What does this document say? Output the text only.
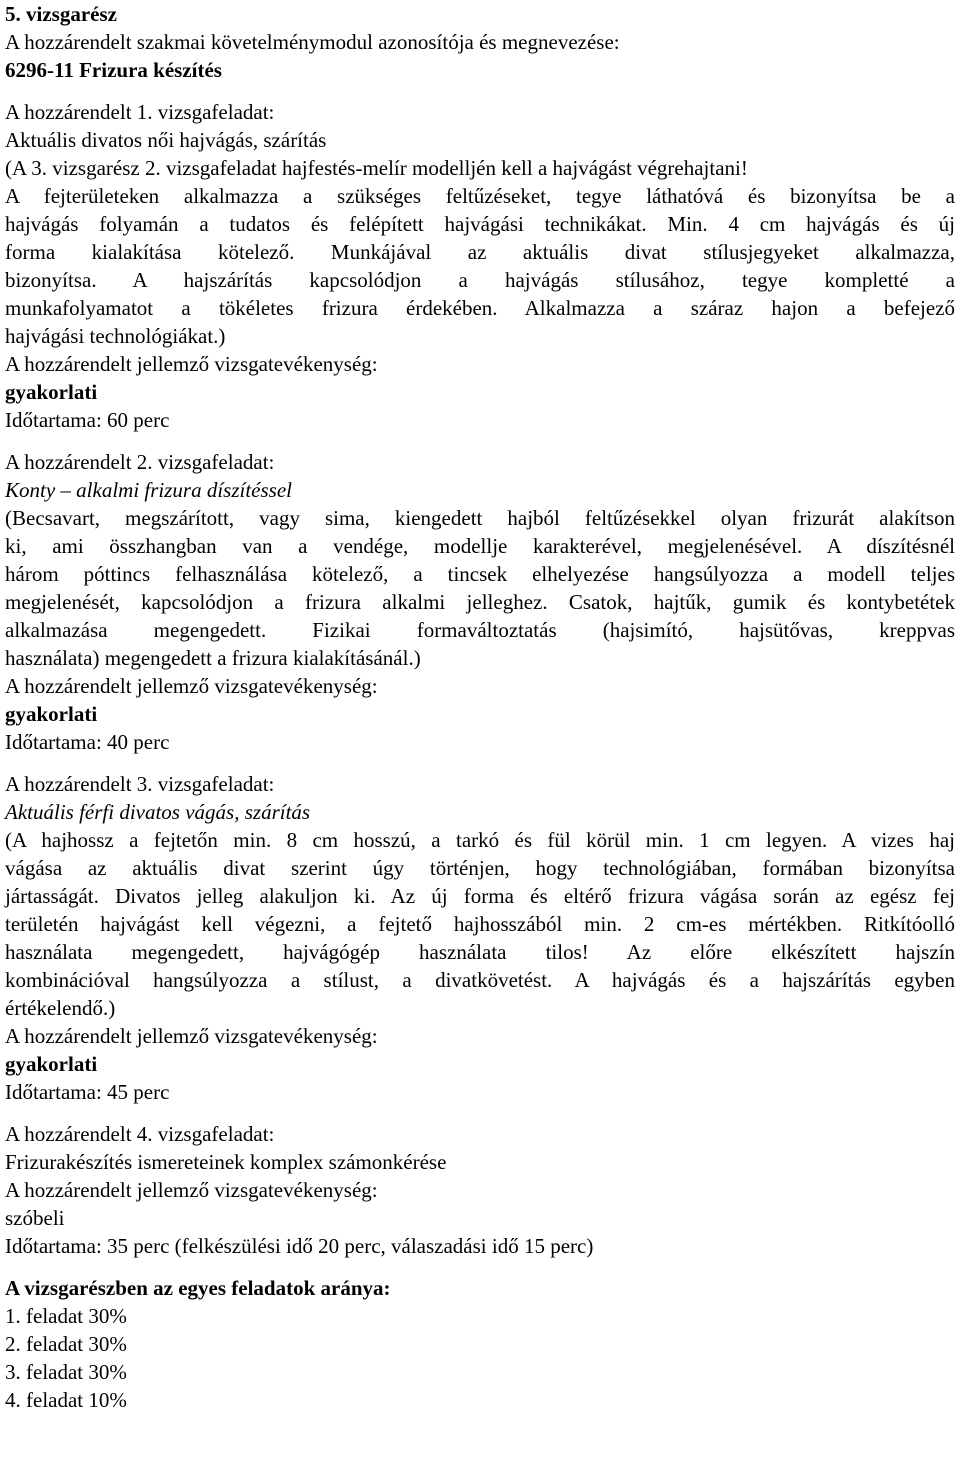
5. vizsgarész
A hozzárendelt szakmai követelménymodul azonosítója és megnevezése:
6296-11 Frizura készítés
A hozzárendelt 1. vizsgafeladat:
Aktuális divatos női hajvágás, szárítás
(A 3. vizsgarész 2. vizsgafeladat hajfestés-melír modelljén kell a hajvágást végrehajtani!
A fejterületeken alkalmazza a szükséges feltűzéseket, tegye láthatóvá és bizonyítsa be a
hajvágás folyamán a tudatos és felépített hajvágási technikákat. Min. 4 cm hajvágás és új
forma kialakítása kötelező. Munkájával az aktuális divat stílusjegyeket alkalmazza,
bizonyítsa. A hajszárítás kapcsolódjon a hajvágás stílusához, tegye kompletté a
munkafolyamatot a tökéletes frizura érdekében. Alkalmazza a száraz hajon a befejező
hajvágási technológiákat.)
A hozzárendelt jellemző vizsgatevékenység:
gyakorlati
Időtartama: 60 perc
A hozzárendelt 2. vizsgafeladat:
Konty – alkalmi frizura díszítéssel
(Becsavart, megszárított, vagy sima, kiengedett hajból feltűzésekkel olyan frizurát alakítson
ki, ami összhangban van a vendége, modellje karakterével, megjelenésével. A díszítésnél
három póttincs felhasználása kötelező, a tincsek elhelyezése hangsúlyozza a modell teljes
megjelenését, kapcsolódjon a frizura alkalmi jelleghez. Csatok, hajtűk, gumik és kontybetétek
alkalmazása megengedett. Fizikai formaváltoztatás (hajsimító, hajsütővas, kreppvas
használata) megengedett a frizura kialakításánál.)
A hozzárendelt jellemző vizsgatevékenység:
gyakorlati
Időtartama: 40 perc
A hozzárendelt 3. vizsgafeladat:
Aktuális férfi divatos vágás, szárítás
(A hajhossz a fejtetőn min. 8 cm hosszú, a tarkó és fül körül min. 1 cm legyen. A vizes haj
vágása az aktuális divat szerint úgy történjen, hogy technológiában, formában bizonyítsa
jártasságát. Divatos jelleg alakuljon ki. Az új forma és eltérő frizura vágása során az egész fej
területén hajvágást kell végezni, a fejtető hajhosszából min. 2 cm-es mértékben. Ritkítóolló
használata megengedett, hajvágógép használata tilos! Az előre elkészített hajszín
kombinációval hangsúlyozza a stílust, a divatkövetést. A hajvágás és a hajszárítás egyben
értékelendő.)
A hozzárendelt jellemző vizsgatevékenység:
gyakorlati
Időtartama: 45 perc
A hozzárendelt 4. vizsgafeladat:
Frizurakészítés ismereteinek komplex számonkérése
A hozzárendelt jellemző vizsgatevékenység:
szóbeli
Időtartama: 35 perc (felkészülési idő 20 perc, válaszadási idő 15 perc)
A vizsgarészben az egyes feladatok aránya:
1. feladat 30%
2. feladat 30%
3. feladat 30%
4. feladat 10%
